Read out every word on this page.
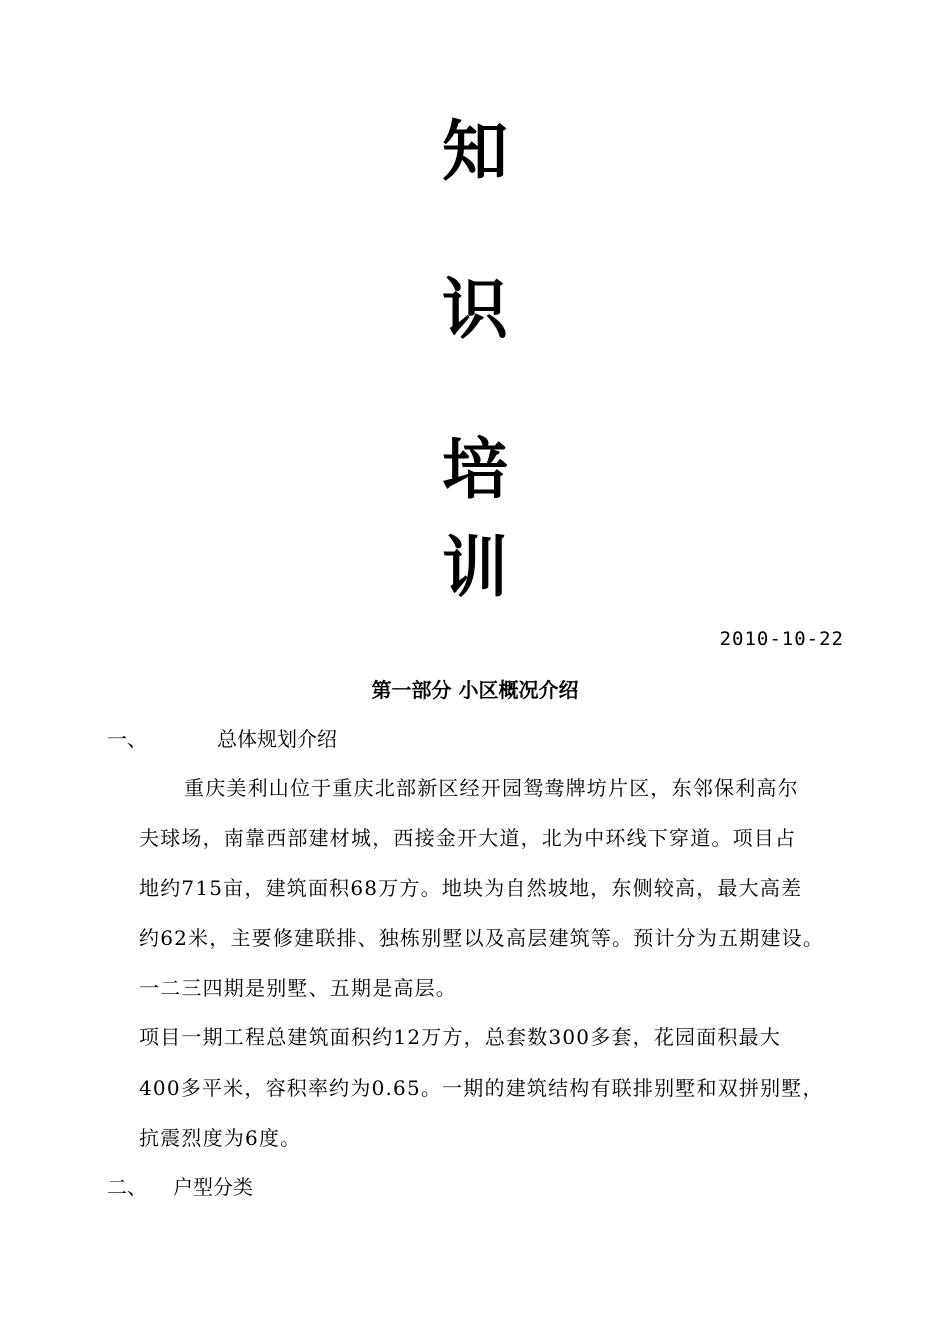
知
识
培
训
2010-10-22
第一部分 小区概况介绍
一、	总体规划介绍
重庆美利山位于重庆北部新区经开园鸳鸯牌坊片区，东邻保利高尔
夫球场，南靠西部建材城，西接金开大道，北为中环线下穿道。项目占
地约715亩，建筑面积68万方。地块为自然坡地，东侧较高，最大高差
约62米，主要修建联排、独栋别墅以及高层建筑等。预计分为五期建设。
一二三四期是别墅、五期是高层。
项目一期工程总建筑面积约12万方，总套数300多套，花园面积最大
400多平米，容积率约为0.65。一期的建筑结构有联排别墅和双拼别墅，
抗震烈度为6度。
二、 户型分类
